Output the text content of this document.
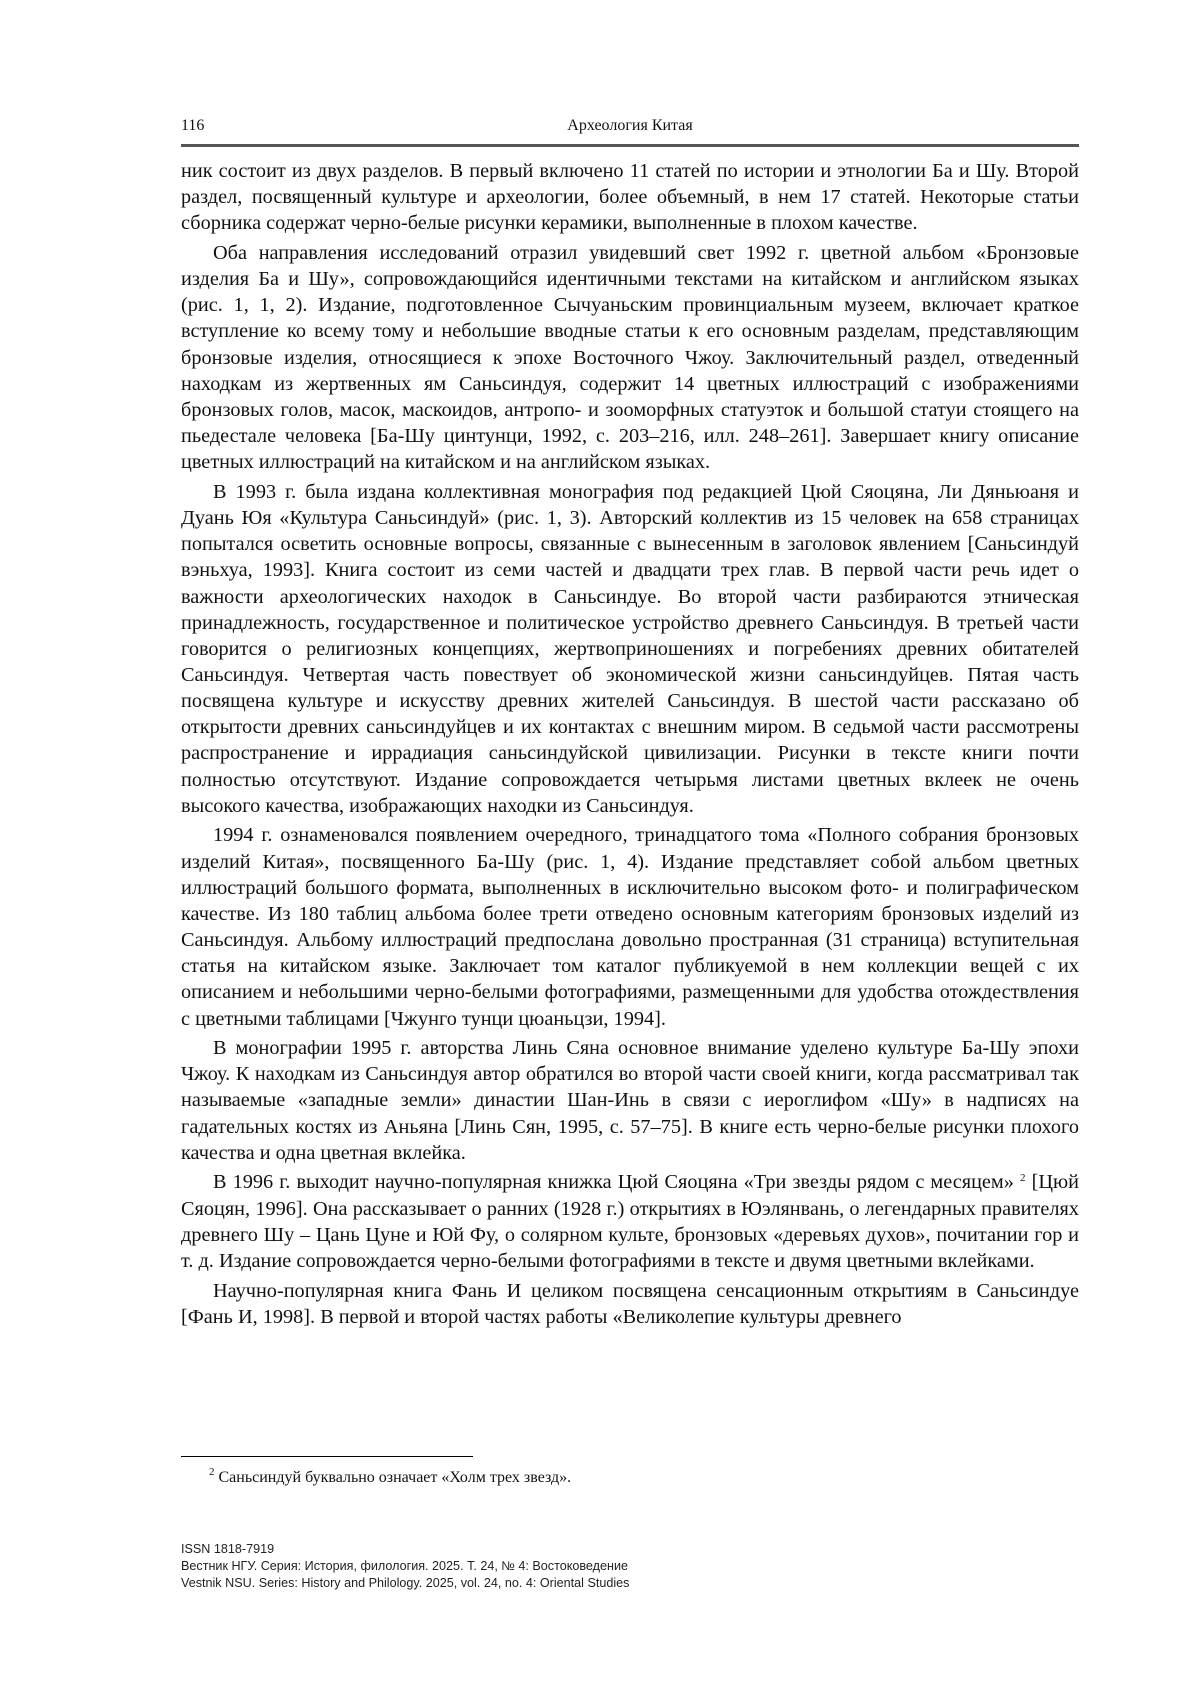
116	Археология Китая

ник состоит из двух разделов. В первый включено 11 статей по истории и этнологии Ба и Шу. Второй раздел, посвященный культуре и археологии, более объемный, в нем 17 статей. Некоторые статьи сборника содержат черно-белые рисунки керамики, выполненные в плохом качестве.

Оба направления исследований отразил увидевший свет 1992 г. цветной альбом «Бронзовые изделия Ба и Шу», сопровождающийся идентичными текстами на китайском и английском языках (рис. 1, 1, 2). Издание, подготовленное Сычуаньским провинциальным музеем, включает краткое вступление ко всему тому и небольшие вводные статьи к его основным разделам, представляющим бронзовые изделия, относящиеся к эпохе Восточного Чжоу. Заключительный раздел, отведенный находкам из жертвенных ям Саньсиндуя, содержит 14 цветных иллюстраций с изображениями бронзовых голов, масок, маскоидов, антропо- и зооморфных статуэток и большой статуи стоящего на пьедестале человека [Ба-Шу цинтунци, 1992, с. 203–216, илл. 248–261]. Завершает книгу описание цветных иллюстраций на китайском и на английском языках.

В 1993 г. была издана коллективная монография под редакцией Цюй Сяоцяна, Ли Дяньюаня и Дуань Юя «Культура Саньсиндуй» (рис. 1, 3). Авторский коллектив из 15 человек на 658 страницах попытался осветить основные вопросы, связанные с вынесенным в заголовок явлением [Саньсиндуй вэньхуа, 1993]. Книга состоит из семи частей и двадцати трех глав. В первой части речь идет о важности археологических находок в Саньсиндуе. Во второй части разбираются этническая принадлежность, государственное и политическое устройство древнего Саньсиндуя. В третьей части говорится о религиозных концепциях, жертвоприношениях и погребениях древних обитателей Саньсиндуя. Четвертая часть повествует об экономической жизни саньсиндуйцев. Пятая часть посвящена культуре и искусству древних жителей Саньсиндуя. В шестой части рассказано об открытости древних саньсиндуйцев и их контактах с внешним миром. В седьмой части рассмотрены распространение и иррадиация саньсиндуйской цивилизации. Рисунки в тексте книги почти полностью отсутствуют. Издание сопровождается четырьмя листами цветных вклеек не очень высокого качества, изображающих находки из Саньсиндуя.

1994 г. ознаменовался появлением очередного, тринадцатого тома «Полного собрания бронзовых изделий Китая», посвященного Ба-Шу (рис. 1, 4). Издание представляет собой альбом цветных иллюстраций большого формата, выполненных в исключительно высоком фото- и полиграфическом качестве. Из 180 таблиц альбома более трети отведено основным категориям бронзовых изделий из Саньсиндуя. Альбому иллюстраций предпослана довольно пространная (31 страница) вступительная статья на китайском языке. Заключает том каталог публикуемой в нем коллекции вещей с их описанием и небольшими черно-белыми фотографиями, размещенными для удобства отождествления с цветными таблицами [Чжунго тунци цюаньцзи, 1994].

В монографии 1995 г. авторства Линь Сяна основное внимание уделено культуре Ба-Шу эпохи Чжоу. К находкам из Саньсиндуя автор обратился во второй части своей книги, когда рассматривал так называемые «западные земли» династии Шан-Инь в связи с иероглифом «Шу» в надписях на гадательных костях из Аньяна [Линь Сян, 1995, с. 57–75]. В книге есть черно-белые рисунки плохого качества и одна цветная вклейка.

В 1996 г. выходит научно-популярная книжка Цюй Сяоцяна «Три звезды рядом с месяцем» $^2$ [Цюй Сяоцян, 1996]. Она рассказывает о ранних (1928 г.) открытиях в Юэлянвань, о легендарных правителях древнего Шу – Цань Цуне и Юй Фу, о солярном культе, бронзовых «деревьях духов», почитании гор и т. д. Издание сопровождается черно-белыми фотографиями в тексте и двумя цветными вклейками.

Научно-популярная книга Фань И целиком посвящена сенсационным открытиям в Саньсиндуе [Фань И, 1998]. В первой и второй частях работы «Великолепие культуры древнего

$^2$ Саньсиндуй буквально означает «Холм трех звезд».
ISSN 1818-7919
Вестник НГУ. Серия: История, филология. 2025. Т. 24, № 4: Востоковедение
Vestnik NSU. Series: History and Philology. 2025, vol. 24, no. 4: Oriental Studies
